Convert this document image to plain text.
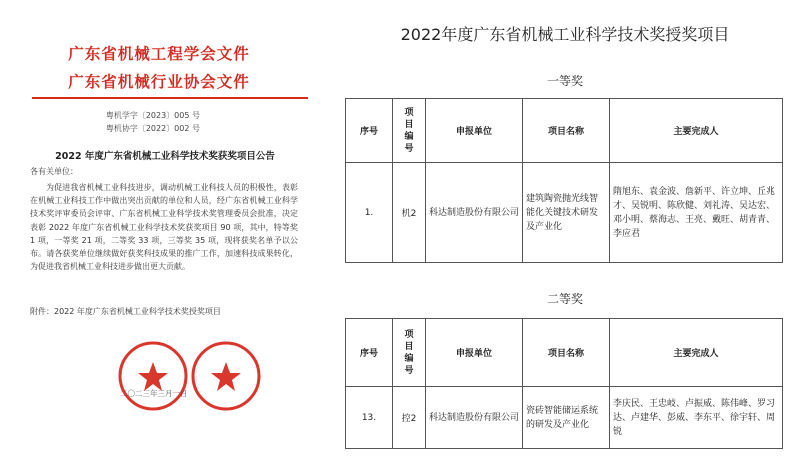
广东省机械工程学会文件
广东省机械行业协会文件
粤机学字〔2023〕005 号
粤机协字〔2022〕002 号
2022 年度广东省机械工业科学技术奖获奖项目公告
各有关单位：
为促进我省机械工业科技进步，调动机械工业科技人员的积极性，表彰在机械工业科技工作中做出突出贡献的单位和人员，经广东省机械工业科学技术奖评审委员会评审、广东省机械工业科学技术奖管理委员会批准，决定表彰 2022 年度广东省机械工业科学技术奖获奖项目 90 项，其中，特等奖 1 项，一等奖 21 项，二等奖 33 项，三等奖 35 项，现将获奖名单予以公布。请各获奖单位继续做好获奖科技成果的推广工作，加速科技成果转化，为促进我省机械工业科技进步做出更大贡献。
附件：2022 年度广东省机械工业科学技术奖授奖项目
二〇二三年三月一日
2022年度广东省机械工业科学技术奖授奖项目
一等奖
序号	项目编号	申报单位	项目名称	主要完成人
1.	机2	科达制造股份有限公司	建筑陶瓷抛光线智能化关键技术研发及产业化	隋旭东、袁金波、詹新平、许立坤、丘兆才、吴锐明、陈欣健、刘礼涛、吴达宏、邓小明、蔡海志、王亮、戴旺、胡青青、李应君
二等奖
序号	项目编号	申报单位	项目名称	主要完成人
13.	控2	科达制造股份有限公司	瓷砖智能储运系统的研发及产业化	李庆民、王忠岐、卢振威、陈伟峰、罗习达、卢建华、彭威、李东平、徐宇轩、周锐
